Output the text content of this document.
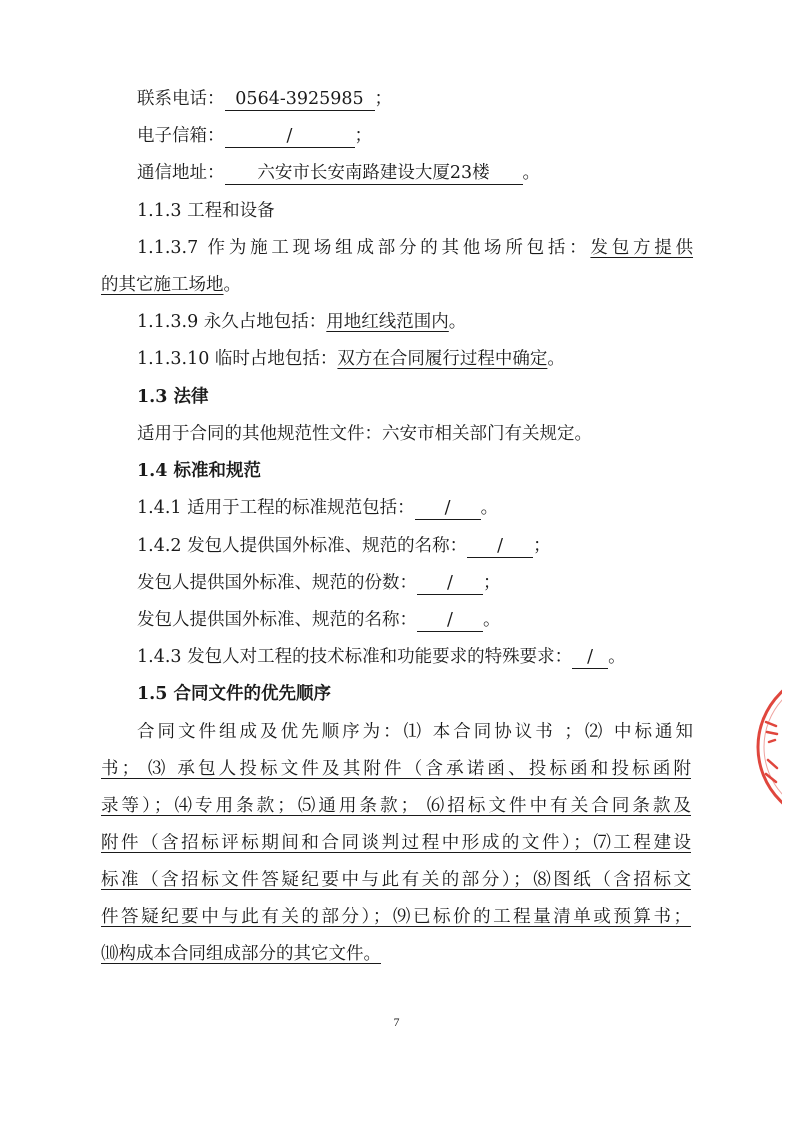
联系电话： 0564-3925985 ；
电子信箱：	/	；
通信地址： 六安市长安南路建设大厦23楼 。
1.1.3 工程和设备
1.1.3.7 作为施工现场组成部分的其他场所包括：发包方提供
的其它施工场地。
1.1.3.9 永久占地包括：用地红线范围内。
1.1.3.10 临时占地包括：双方在合同履行过程中确定。
1.3 法律
适用于合同的其他规范性文件：六安市相关部门有关规定。
1.4 标准和规范
1.4.1 适用于工程的标准规范包括： / 。
1.4.2 发包人提供国外标准、规范的名称： / ；
发包人提供国外标准、规范的份数： / ；
发包人提供国外标准、规范的名称： / 。
1.4.3 发包人对工程的技术标准和功能要求的特殊要求： / 。
1.5 合同文件的优先顺序
合同文件组成及优先顺序为：⑴ 本合同协议书 ；⑵ 中标通知
书； ⑶ 承包人投标文件及其附件（含承诺函、投标函和投标函附
录等）；⑷专用条款；⑸通用条款； ⑹招标文件中有关合同条款及
附件（含招标评标期间和合同谈判过程中形成的文件）；⑺工程建设
标准（含招标文件答疑纪要中与此有关的部分）；⑻图纸（含招标文
件答疑纪要中与此有关的部分）；⑼已标价的工程量清单或预算书；
⑽构成本合同组成部分的其它文件。
7
